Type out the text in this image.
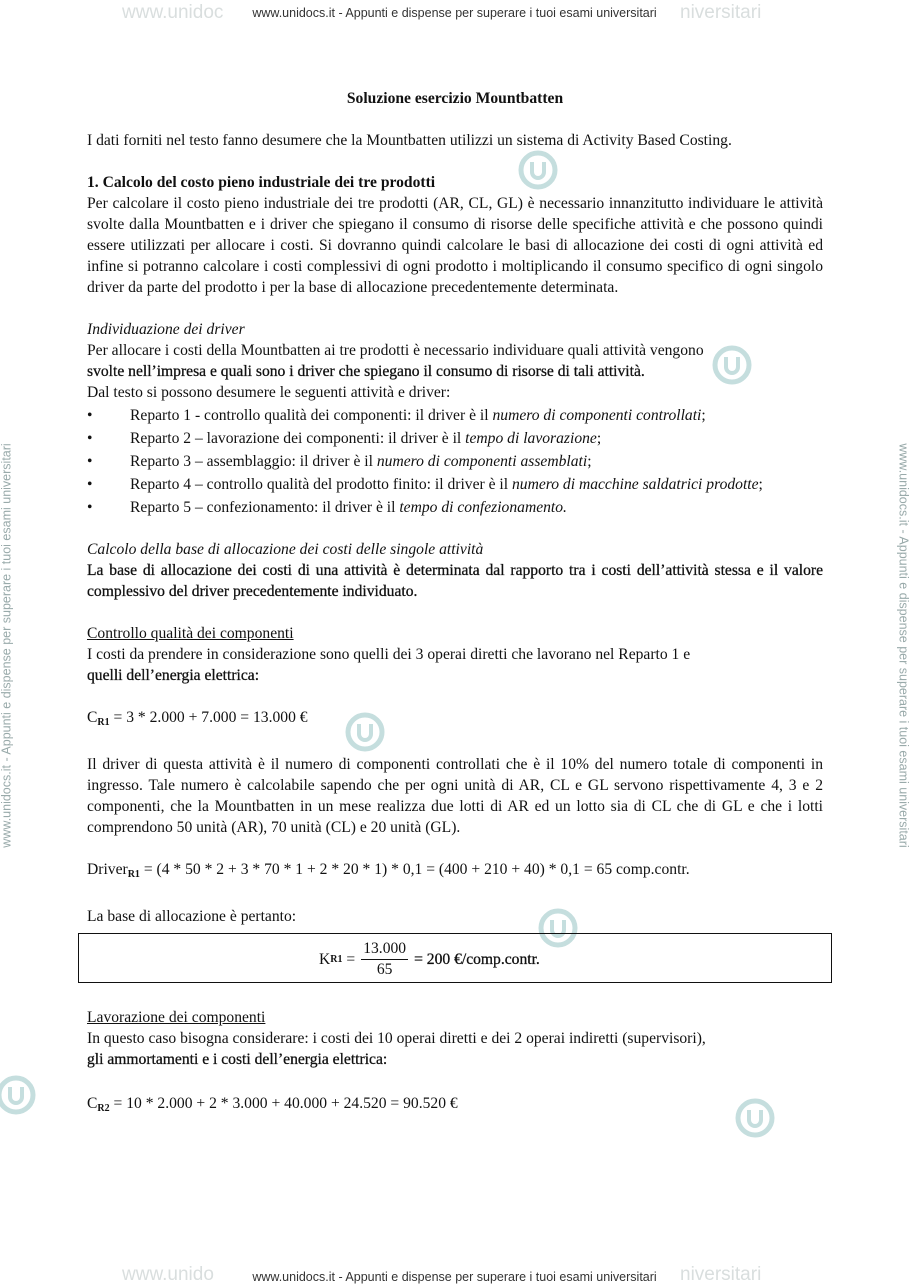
www.unidoc	niversitari
www.unidocs.it - Appunti e dispense per superare i tuoi esami universitari
www.unido	niversitari
www.unidocs.it - Appunti e dispense per superare i tuoi esami universitari
www.unidocs.it - Appunti e dispense per superare i tuoi esami universitari	www.unidocs.it - Appunti e dispense per superare i tuoi esami universitari

Soluzione esercizio Mountbatten

I dati forniti nel testo fanno desumere che la Mountbatten utilizzi un sistema di Activity Based Costing.

1. Calcolo del costo pieno industriale dei tre prodotti

Per calcolare il costo pieno industriale dei tre prodotti (AR, CL, GL) è necessario innanzitutto individuare le attività svolte dalla Mountbatten e i driver che spiegano il consumo di risorse delle specifiche attività e che possono quindi essere utilizzati per allocare i costi. Si dovranno quindi calcolare le basi di allocazione dei costi di ogni attività ed infine si potranno calcolare i costi complessivi di ogni prodotto i moltiplicando il consumo specifico di ogni singolo driver da parte del prodotto i per la base di allocazione precedentemente determinata.

Individuazione dei driver

Per allocare i costi della Mountbatten ai tre prodotti è necessario individuare quali attività vengono

svolte nell’impresa e quali sono i driver che spiegano il consumo di risorse di tali attività.

Dal testo si possono desumere le seguenti attività e driver:

• Reparto 1 - controllo qualità dei componenti: il driver è il numero di componenti controllati;
• Reparto 2 – lavorazione dei componenti: il driver è il tempo di lavorazione;
• Reparto 3 – assemblaggio: il driver è il numero di componenti assemblati;
• Reparto 4 – controllo qualità del prodotto finito: il driver è il numero di macchine saldatrici prodotte;
• Reparto 5 – confezionamento: il driver è il tempo di confezionamento.

Calcolo della base di allocazione dei costi delle singole attività

La base di allocazione dei costi di una attività è determinata dal rapporto tra i costi dell’attività stessa e il valore complessivo del driver precedentemente individuato.

Controllo qualità dei componenti

I costi da prendere in considerazione sono quelli dei 3 operai diretti che lavorano nel Reparto 1 e

quelli dell’energia elettrica:

$C_{R1} = 3 * 2.000 + 7.000 = 13.000$ €

Il driver di questa attività è il numero di componenti controllati che è il 10% del numero totale di componenti in ingresso. Tale numero è calcolabile sapendo che per ogni unità di AR, CL e GL servono rispettivamente 4, 3 e 2 componenti, che la Mountbatten in un mese realizza due lotti di AR ed un lotto sia di CL che di GL e che i lotti comprendono 50 unità (AR), 70 unità (CL) e 20 unità (GL).

Driver$_{R1}$ = (4 * 50 * 2 + 3 * 70 * 1 + 2 * 20 * 1) * 0,1 = (400 + 210 + 40) * 0,1 = 65 comp.contr.

La base di allocazione è pertanto:

K $R1 = \frac{13.000}{65} = 200$ €/comp.contr.

Lavorazione dei componenti

In questo caso bisogna considerare: i costi dei 10 operai diretti e dei 2 operai indiretti (supervisori),

gli ammortamenti e i costi dell’energia elettrica:

$C_{R2} = 10 * 2.000 + 2 * 3.000 + 40.000 + 24.520 = 90.520$ €
